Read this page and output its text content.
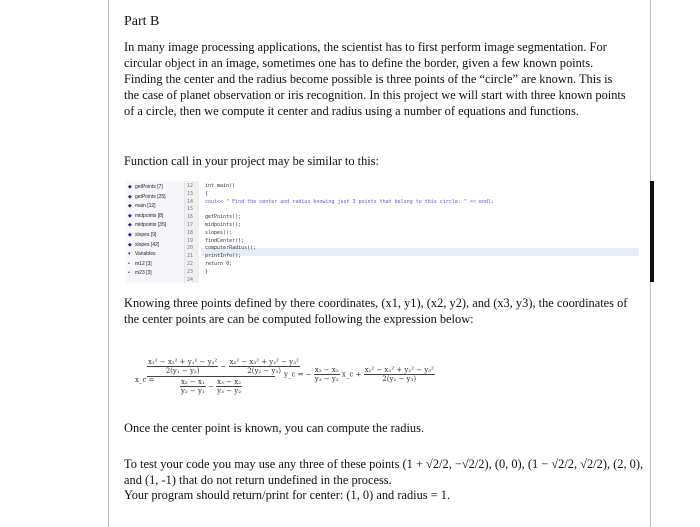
Part B
In many image processing applications, the scientist has to first perform image segmentation. For circular object in an image, sometimes one has to define the border, given a few known points. Finding the center and the radius become possible is three points of the “circle” are known. This is the case of planet observation or iris recognition. In this project we will start with three known points of a circle, then we compute it center and radius using a number of equations and functions.
Function call in your project may be similar to this:
◆ getPoints [7]
◆ getPoints [25]
◆ main [12]
◆ midpoints [8]
◆ midpoints [35]
◆ slopes [9]
◆ slopes [42]
▾ Variables
• m12 [3]
• m23 [3]
12
13
14
15
16
17
18
19
20
21
22
23
24
int main()
{
cout<< " Find the center and radius knowing just 3 points that belong to this circle: " << endl;
getPoints();
midpoints();
slopes();
findCenter();
computerRadius();
printInfo();
return 0;
}
Knowing three points defined by there coordinates, (x1, y1), (x2, y2), and (x3, y3), the coordinates of the center points are can be computed following the expression below:
x_c =
$\frac{\text{x₁² − x₂² + y₁² − y₂²}}{\text{2(y₁ − y₂)}} - \frac{\text{x₂² − x₃² + y₂² − y₃²}}{\text{2(y₂ − y₃)}}$
$\frac{\text{x₂ − x₁}}{\text{y₂ − y₁}} - \frac{\text{x₃ − x₂}}{\text{y₃ − y₂}}$
y_c = − $\frac{\text{x₃ − x₂}}{\text{y₃ − y₂}}$ x_c + $\frac{\text{x₂² − x₃² + y₂² − y₃²}}{\text{2(y₂ − y₃)}}$
Once the center point is known, you can compute the radius.
To test your code you may use any three of these points (1 + √2/2, −√2/2), (0, 0), (1 − √2/2, √2/2), (2, 0),
and (1, -1) that do not return undefined in the process.
Your program should return/print for center: (1, 0) and radius = 1.
